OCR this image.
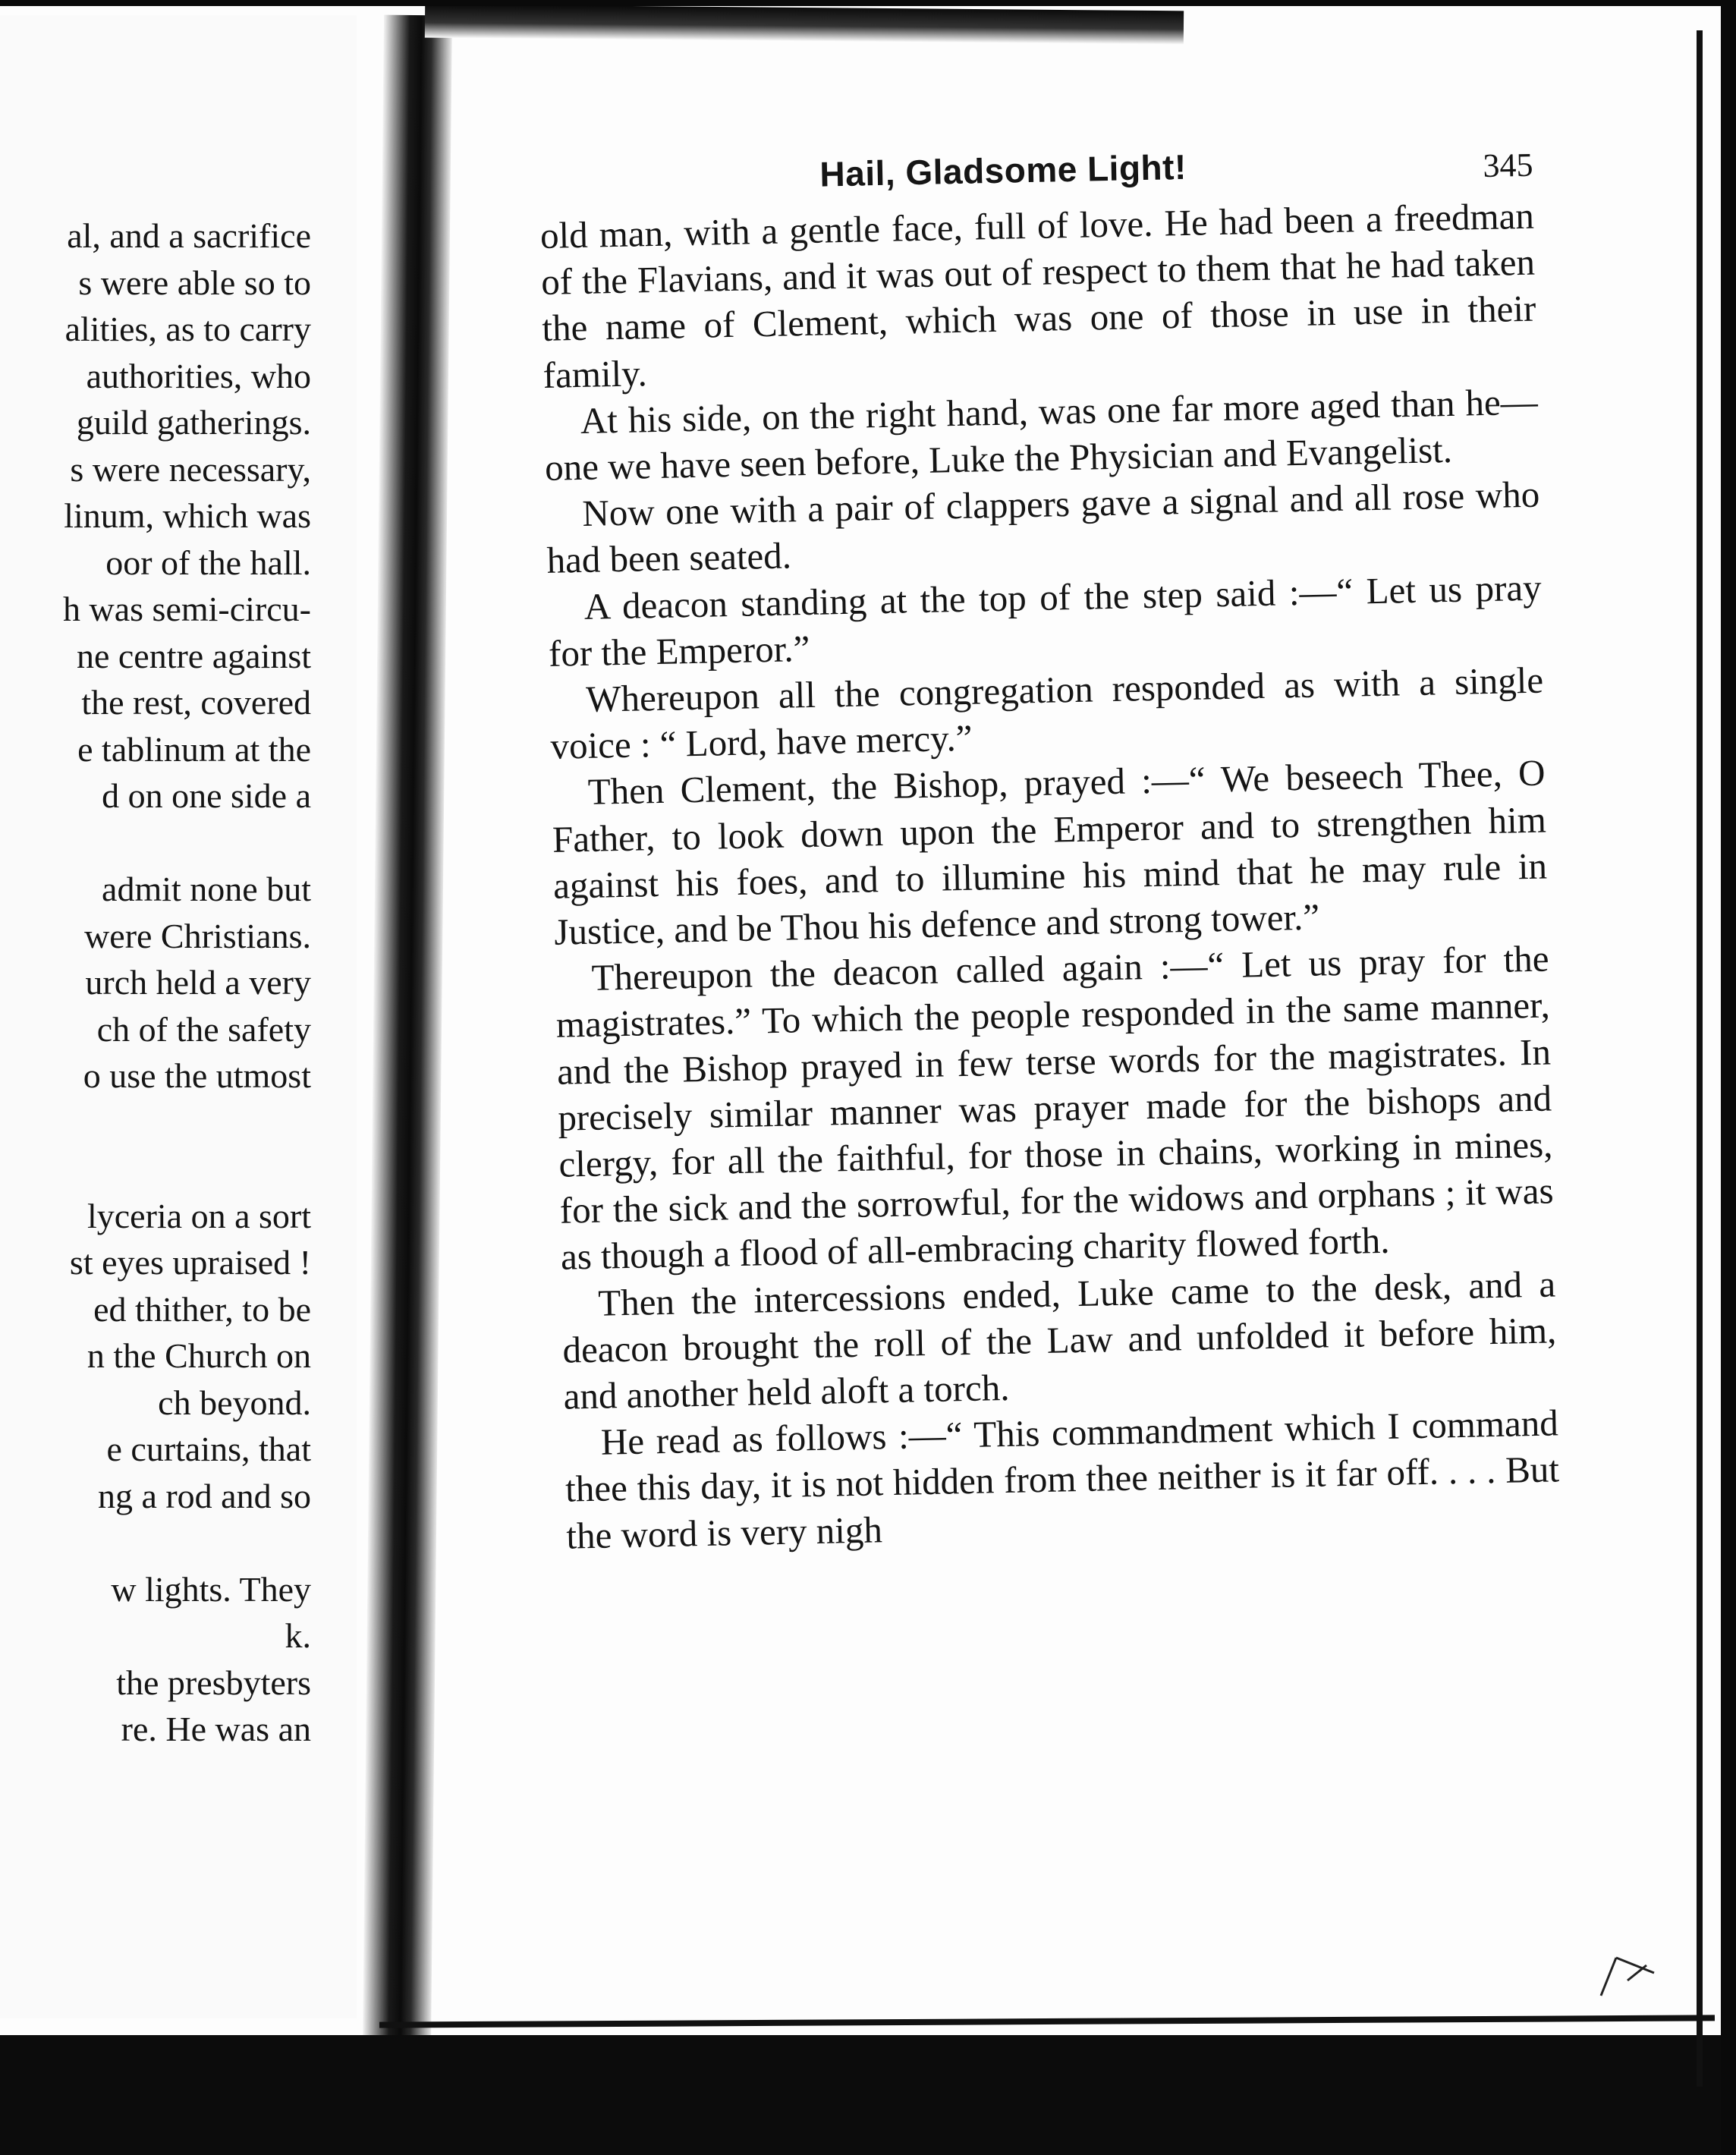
al, and a sacrifice
s were able so to
alities, as to carry
authorities, who
guild gatherings.
s were necessary,
linum, which was
oor of the hall.
h was semi-circu-
ne centre against
the rest, covered
e tablinum at the
d on one side a
admit none but
were Christians.
urch held a very
ch of the safety
o use the utmost
lyceria on a sort
st eyes upraised !
ed thither, to be
n the Church on
ch beyond.
e curtains, that
ng a rod and so
w lights. They
k.
the presbyters
re. He was an
Hail, Gladsome Light!	345

old man, with a gentle face, full of love. He had been a freedman of the Flavians, and it was out of respect to them that he had taken the name of Clement, which was one of those in use in their family.

At his side, on the right hand, was one far more aged than he—one we have seen before, Luke the Physician and Evangelist.

Now one with a pair of clappers gave a signal and all rose who had been seated.

A deacon standing at the top of the step said :—“ Let us pray for the Emperor.”

Whereupon all the congregation responded as with a single voice : “ Lord, have mercy.”

Then Clement, the Bishop, prayed :—“ We beseech Thee, O Father, to look down upon the Emperor and to strengthen him against his foes, and to illumine his mind that he may rule in Justice, and be Thou his defence and strong tower.”

Thereupon the deacon called again :—“ Let us pray for the magistrates.” To which the people responded in the same manner, and the Bishop prayed in few terse words for the magistrates. In precisely similar manner was prayer made for the bishops and clergy, for all the faithful, for those in chains, working in mines, for the sick and the sorrowful, for the widows and orphans ; it was as though a flood of all-embracing charity flowed forth.

Then the intercessions ended, Luke came to the desk, and a deacon brought the roll of the Law and unfolded it before him, and another held aloft a torch.

He read as follows :—“ This commandment which I command thee this day, it is not hidden from thee neither is it far off. . . . But the word is very nigh
